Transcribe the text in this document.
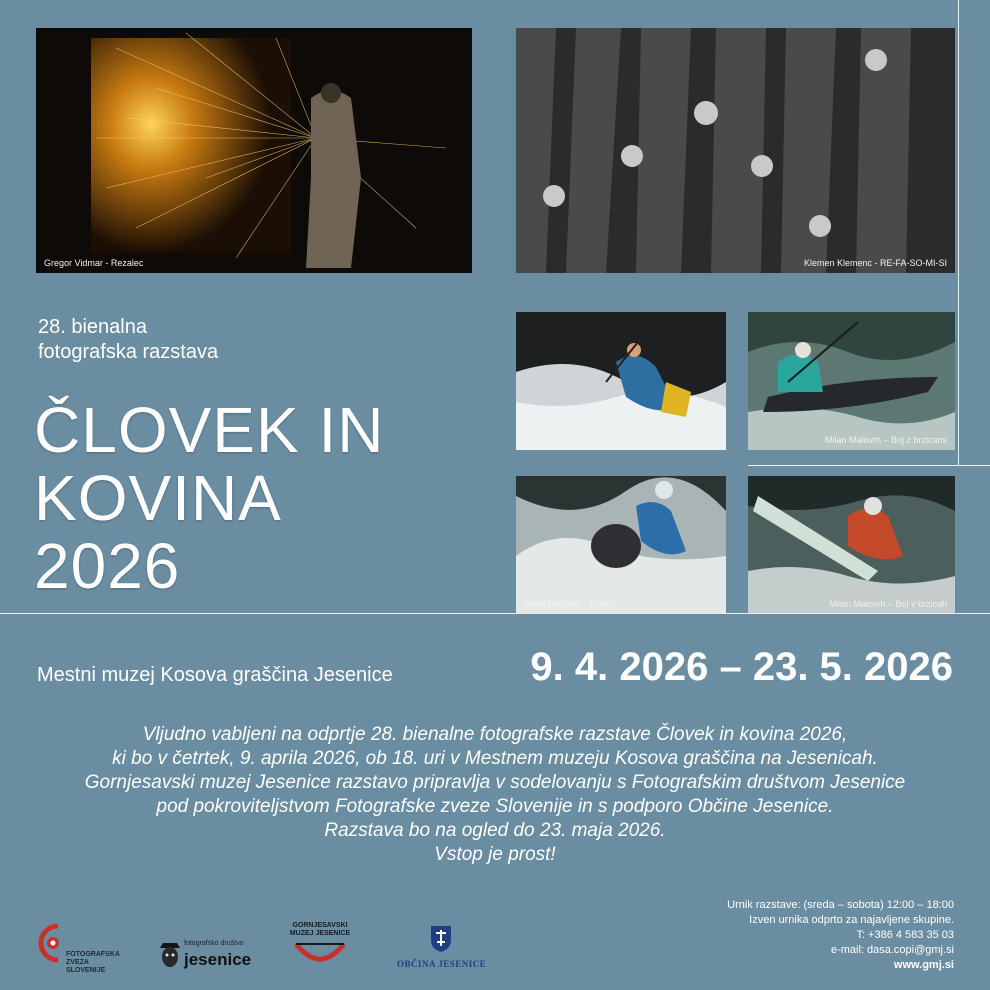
Gregor Vidmar - Rezalec	Klemen Klemenc - RE-FA-SO-MI-SI
Milan Malovrh – V elementu	Milan Malovrh – Boj z brzicami
Milan Malovrh – Fokus	Milan Malovrh – Boj v brzicah
28. bienalna
fotografska razstava
ČLOVEK IN
KOVINA
2026
Mestni muzej Kosova graščina Jesenice	9. 4. 2026 – 23. 5. 2026
Vljudno vabljeni na odprtje 28. bienalne fotografske razstave Človek in kovina 2026,
ki bo v četrtek, 9. aprila 2026, ob 18. uri v Mestnem muzeju Kosova graščina na Jesenicah.
Gornjesavski muzej Jesenice razstavo pripravlja v sodelovanju s Fotografskim društvom Jesenice
pod pokroviteljstvom Fotografske zveze Slovenije in s podporo Občine Jesenice.
Razstava bo na ogled do 23. maja 2026.
Vstop je prost!
Urnik razstave: (sreda – sobota) 12:00 – 18:00
Izven urnika odprto za najavljene skupine.
T: +386 4 583 35 03
e-mail: dasa.copi@gmj.si
www.gmj.si
FOTOGRAFSKA
ZVEZA
SLOVENIJE
fotografsko društvo
jesenice
GORNJESAVSKI
MUZEJ JESENICE
OBČINA JESENICE
